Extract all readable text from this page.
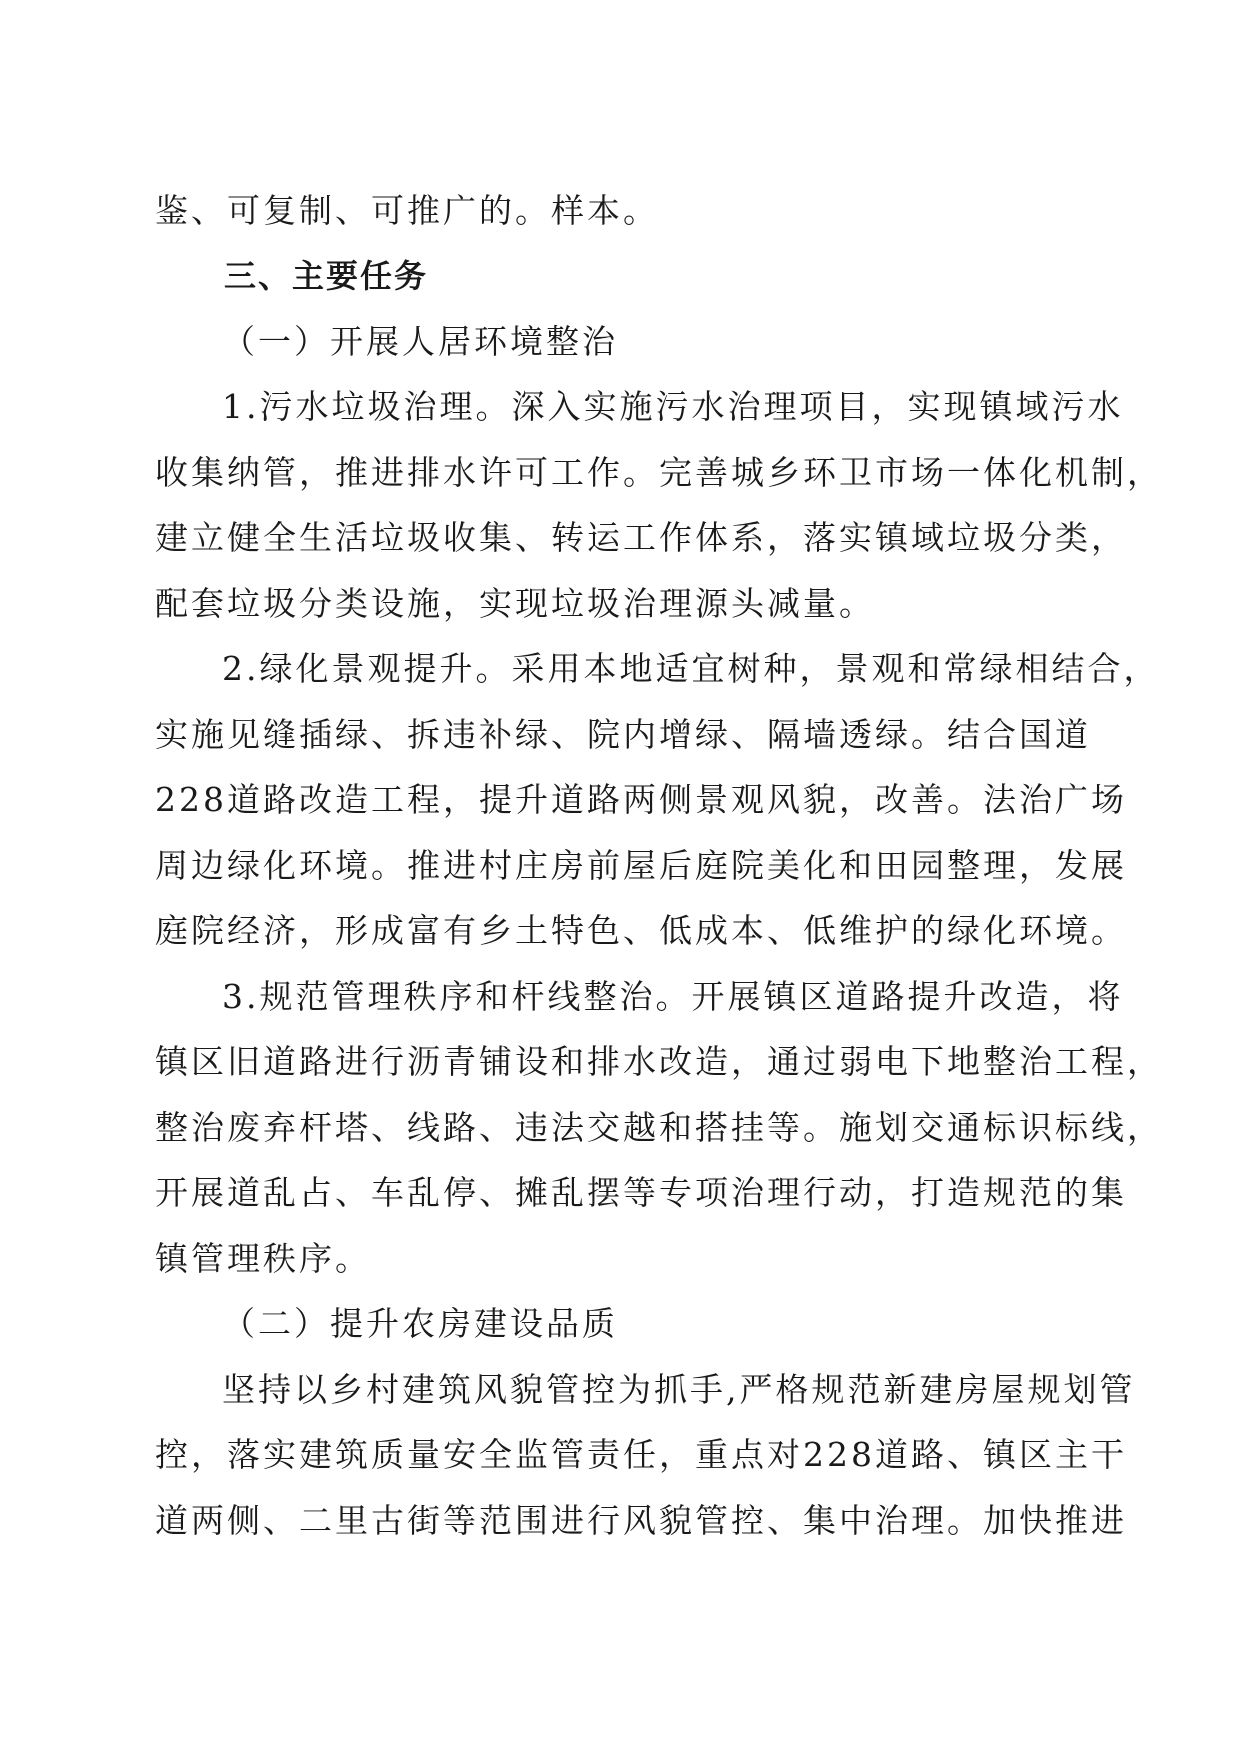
鉴、可复制、可推广的。样本。
三、主要任务
（一）开展人居环境整治
1.污水垃圾治理。深入实施污水治理项目，实现镇域污水
收集纳管，推进排水许可工作。完善城乡环卫市场一体化机制，
建立健全生活垃圾收集、转运工作体系，落实镇域垃圾分类，
配套垃圾分类设施，实现垃圾治理源头减量。
2.绿化景观提升。采用本地适宜树种，景观和常绿相结合，
实施见缝插绿、拆违补绿、院内增绿、隔墙透绿。结合国道
228道路改造工程，提升道路两侧景观风貌，改善。法治广场
周边绿化环境。推进村庄房前屋后庭院美化和田园整理，发展
庭院经济，形成富有乡土特色、低成本、低维护的绿化环境。
3.规范管理秩序和杆线整治。开展镇区道路提升改造，将
镇区旧道路进行沥青铺设和排水改造，通过弱电下地整治工程，
整治废弃杆塔、线路、违法交越和搭挂等。施划交通标识标线，
开展道乱占、车乱停、摊乱摆等专项治理行动，打造规范的集
镇管理秩序。
（二）提升农房建设品质
坚持以乡村建筑风貌管控为抓手,严格规范新建房屋规划管
控，落实建筑质量安全监管责任，重点对228道路、镇区主干
道两侧、二里古街等范围进行风貌管控、集中治理。加快推进
